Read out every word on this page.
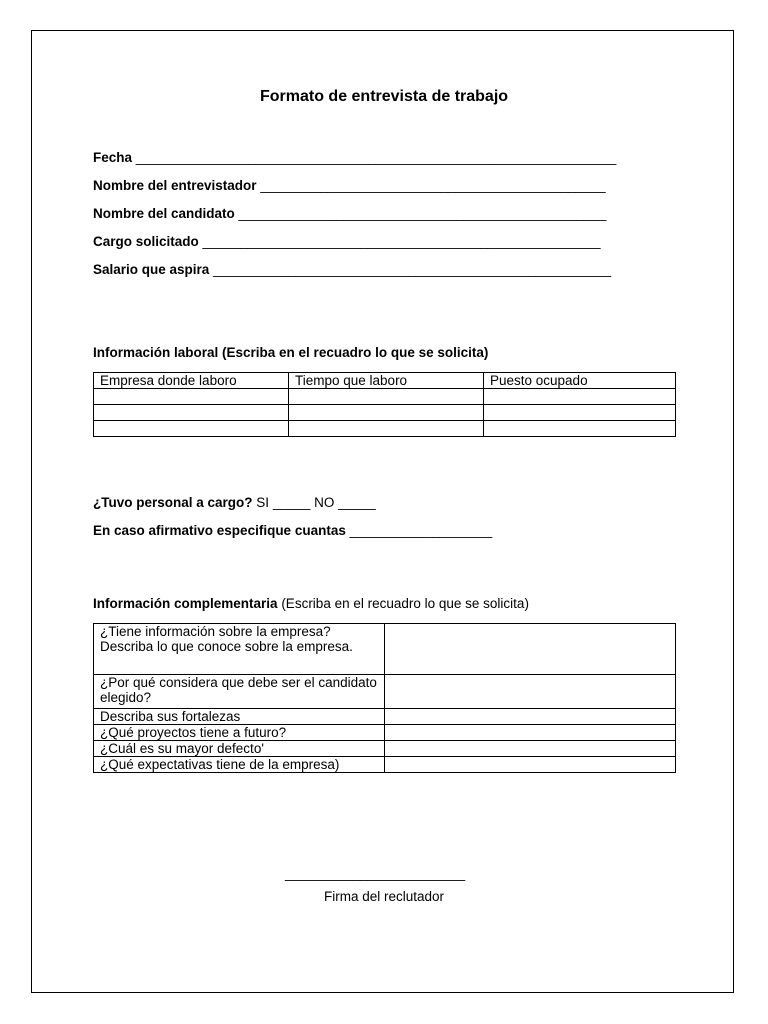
Formato de entrevista de trabajo
Fecha ________________________________________________________________
Nombre del entrevistador ______________________________________________
Nombre del candidato _________________________________________________
Cargo solicitado _____________________________________________________
Salario que aspira _____________________________________________________
Información laboral (Escriba en el recuadro lo que se solicita)
Empresa donde laboro	Tiempo que laboro	Puesto ocupado

¿Tuvo personal a cargo? SI _____ NO _____
En caso afirmativo especifique cuantas ___________________
Información complementaria (Escriba en el recuadro lo que se solicita)
¿Tiene información sobre la empresa? Describa lo que conoce sobre la empresa.	
¿Por qué considera que debe ser el candidato elegido?	
Describa sus fortalezas	
¿Qué proyectos tiene a futuro?	
¿Cuál es su mayor defecto'	
¿Qué expectativas tiene de la empresa)	
________________________
Firma del reclutador
